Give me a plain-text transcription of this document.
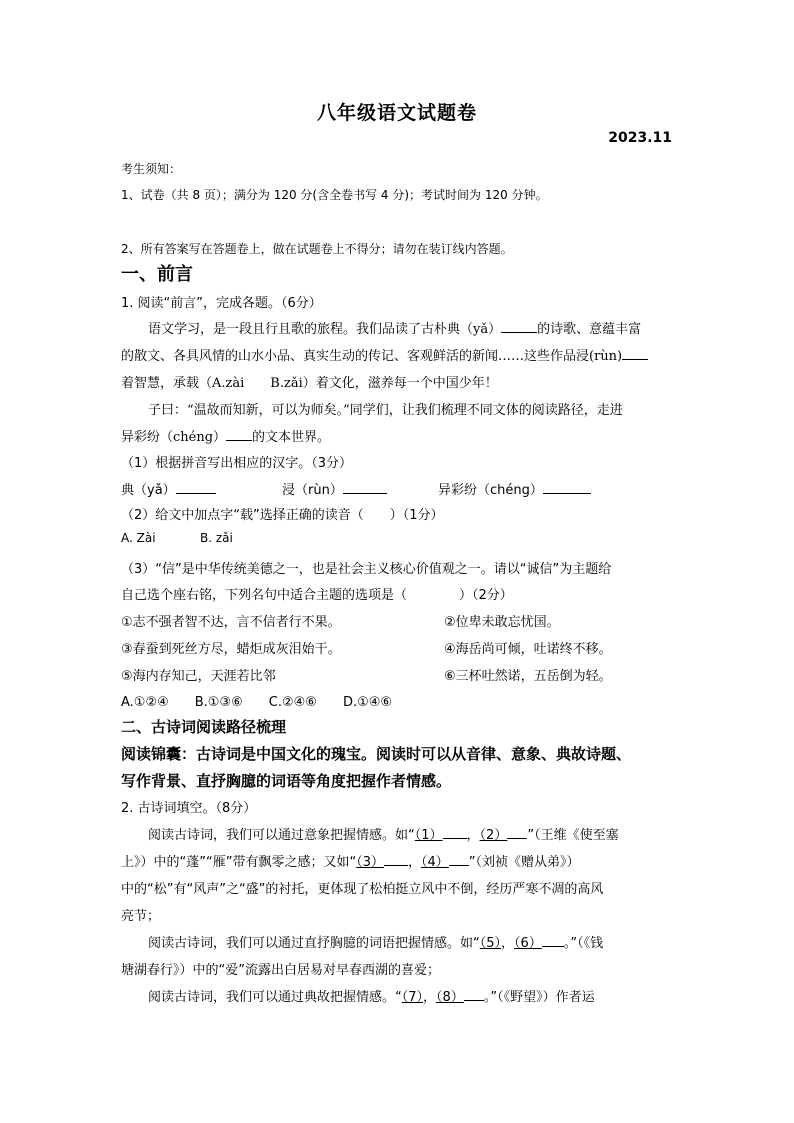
八年级语文试题卷
2023.11
考生须知：
1、试卷（共 8 页）；满分为 120 分(含全卷书写 4 分)；考试时间为 120 分钟。
2、所有答案写在答题卷上，做在试题卷上不得分；请勿在装订线内答题。
一、前言
1. 阅读“前言”，完成各题。（6分）
语文学习，是一段且行且歌的旅程。我们品读了古朴典（yǎ）	的诗歌、意蕴丰富
的散文、各具风情的山水小品、真实生动的传记、客观鲜活的新闻……这些作品浸(rùn)
着智慧，承载（A.zài　　B.zǎi）着文化，滋养每一个中国少年！
子曰：“温故而知新，可以为师矣。”同学们，让我们梳理不同文体的阅读路径，走进
异彩纷（chéng） 的文本世界。
（1）根据拼音写出相应的汉字。（3分）
典（yǎ）	浸（rùn）	异彩纷（chéng）
（2）给文中加点字“载”选择正确的读音（　　）（1分）
A. Zài	B. zǎi
（3）“信”是中华传统美德之一，也是社会主义核心价值观之一。请以“诚信”为主题给
自己选个座右铭，下列名句中适合主题的选项是（　　　　）（2分）
①志不强者智不达，言不信者行不果。	②位卑未敢忘忧国。
③春蚕到死丝方尽，蜡炬成灰泪始干。	④海岳尚可倾，吐诺终不移。
⑤海内存知己，天涯若比邻	⑥三杯吐然诺，五岳倒为轻。
A.①②④　　B.①③⑥　　C.②④⑥　　D.①④⑥
二、古诗词阅读路径梳理
阅读锦囊：古诗词是中国文化的瑰宝。阅读时可以从音律、意象、典故诗题、
写作背景、直抒胸臆的词语等角度把握作者情感。
2. 古诗词填空。（8分）
阅读古诗词，我们可以通过意象把握情感。如“（1） ，（2） ”（王维《使至塞
上》）中的“蓬”“雁”带有飘零之感；又如“（3） ，（4） ”（刘祯《赠从弟》）
中的“松”有“风声”之“盛”的衬托，更体现了松柏挺立风中不倒，经历严寒不凋的高风
亮节；
阅读古诗词，我们可以通过直抒胸臆的词语把握情感。如“（5），（6） 。”（《钱
塘湖春行》）中的“爱”流露出白居易对早春西湖的喜爱；
阅读古诗词，我们可以通过典故把握情感。“（7），（8） 。”（《野望》）作者运
